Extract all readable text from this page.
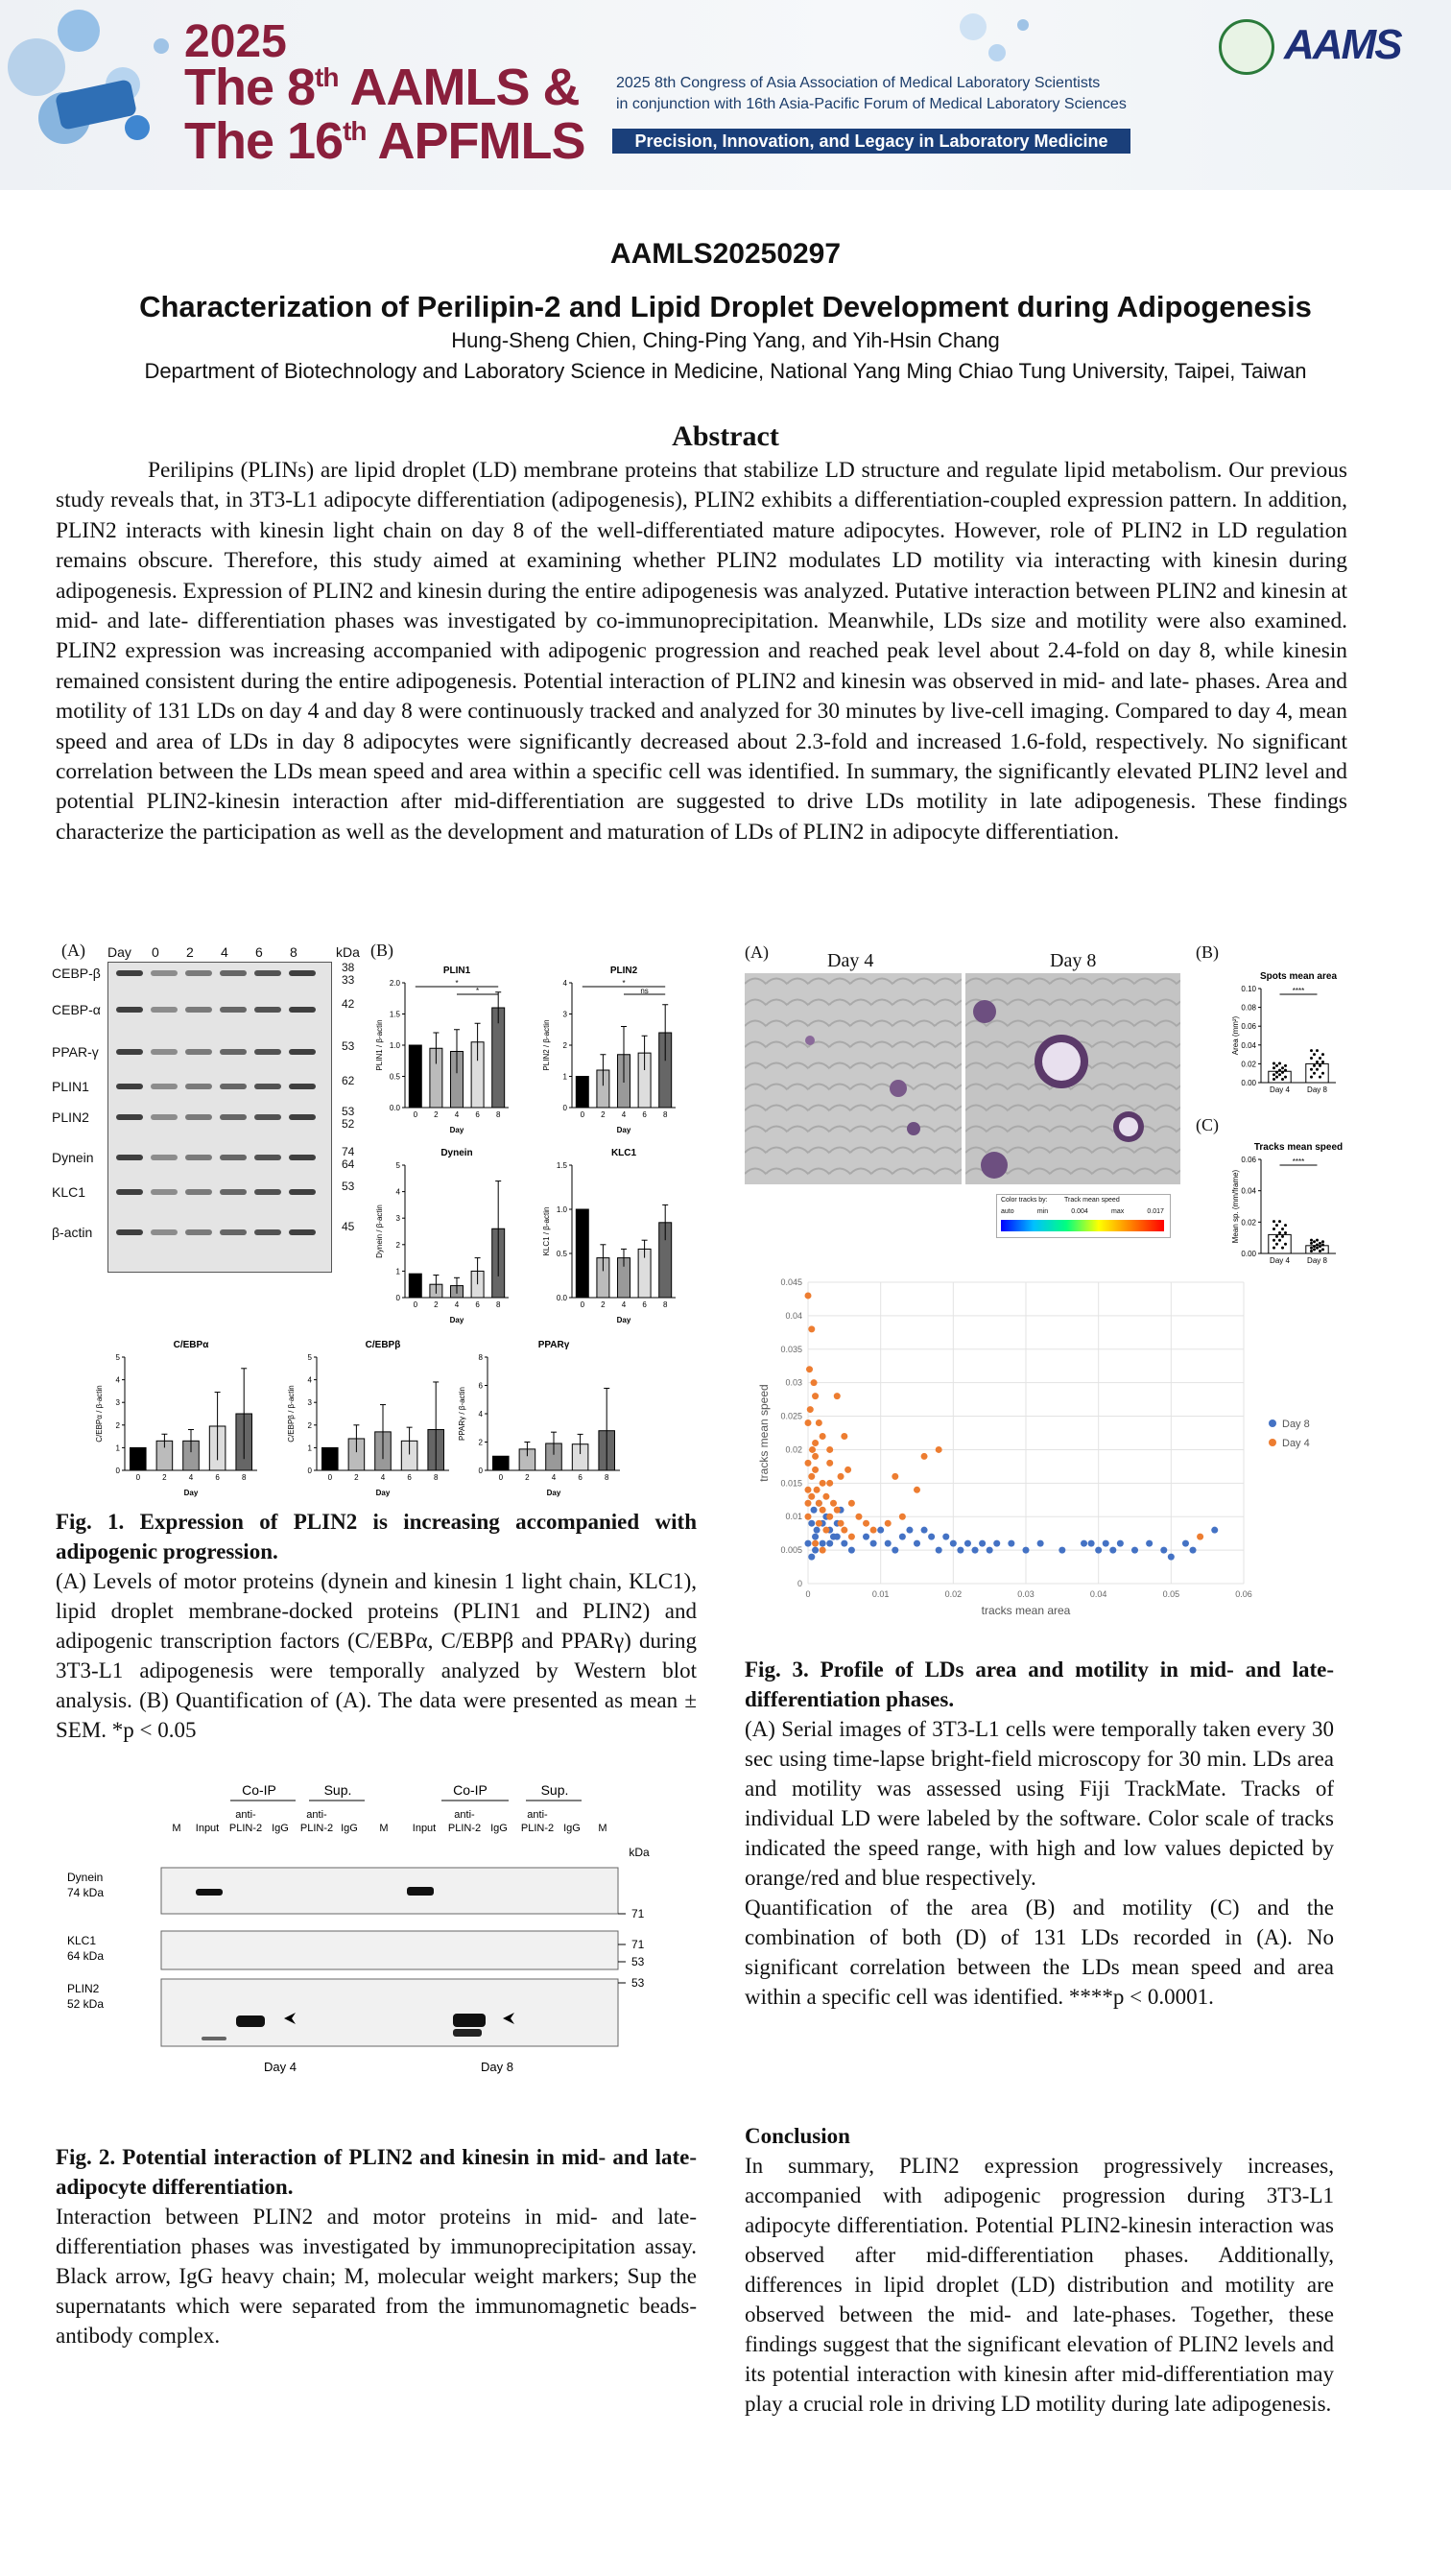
2025
The 8th AAMLS &
The 16th APFMLS
2025 8th Congress of Asia Association of Medical Laboratory Scientists
in conjunction with 16th Asia-Pacific Forum of Medical Laboratory Sciences
Precision, Innovation, and Legacy in Laboratory Medicine
AAMS
AAMLS20250297
Characterization of Perilipin-2 and Lipid Droplet Development during Adipogenesis
Hung-Sheng Chien, Ching-Ping Yang, and Yih-Hsin Chang
Department of Biotechnology and Laboratory Science in Medicine, National Yang Ming Chiao Tung University, Taipei, Taiwan
Abstract
Perilipins (PLINs) are lipid droplet (LD) membrane proteins that stabilize LD structure and regulate lipid metabolism. Our previous study reveals that, in 3T3-L1 adipocyte differentiation (adipogenesis), PLIN2 exhibits a differentiation-coupled expression pattern. In addition, PLIN2 interacts with kinesin light chain on day 8 of the well-differentiated mature adipocytes. However, role of PLIN2 in LD regulation remains obscure. Therefore, this study aimed at examining whether PLIN2 modulates LD motility via interacting with kinesin during adipogenesis. Expression of PLIN2 and kinesin during the entire adipogenesis was analyzed. Putative interaction between PLIN2 and kinesin at mid- and late- differentiation phases was investigated by co-immunoprecipitation. Meanwhile, LDs size and motility were also examined. PLIN2 expression was increasing accompanied with adipogenic progression and reached peak level about 2.4-fold on day 8, while kinesin remained consistent during the entire adipogenesis. Potential interaction of PLIN2 and kinesin was observed in mid- and late- phases. Area and motility of 131 LDs on day 4 and day 8 were continuously tracked and analyzed for 30 minutes by live-cell imaging. Compared to day 4, mean speed and area of LDs in day 8 adipocytes were significantly decreased about 2.3-fold and increased 1.6-fold, respectively. No significant correlation between the LDs mean speed and area within a specific cell was identified. In summary, the significantly elevated PLIN2 level and potential PLIN2-kinesin interaction after mid-differentiation are suggested to drive LDs motility in late adipogenesis. These findings characterize the participation as well as the development and maturation of LDs of PLIN2 in adipocyte differentiation.
(A)	(B)
Day	kDa
0 2 4 6 8
CEBP-β	38
33
CEBP-α	42
PPAR-γ	53
PLIN1	62
PLIN2	53
52
Dynein	74
64
KLC1	53
β-actin	45
PLIN1
0.0
0.5
1.0
1.5
2.0
PLIN1 / β-actin
0 2 4 6 8
Day
*
*
PLIN2
0
1
2
3
4
PLIN2 / β-actin
0 2 4 6 8
Day
*
ns
Dynein
0
1
2
3
4
5
Dynein / β-actin
0 2 4 6 8
Day
KLC1
0.0
0.5
1.0
1.5
KLC1 / β-actin
0 2 4 6 8
Day
C/EBPα
0
1
2
3
4
5
C/EBPα / β-actin
0	2	4	6	8
Day
C/EBPβ
0
1
2
3
4
5
C/EBPβ / β-actin
0	2	4	6	8
Day
PPARγ
0
2
4
6
8
PPARγ / β-actin
0	2	4	6	8
Day
Fig. 1. Expression of PLIN2 is increasing accompanied with adipogenic progression.
(A) Levels of motor proteins (dynein and kinesin 1 light chain, KLC1), lipid droplet membrane-docked proteins (PLIN1 and PLIN2) and adipogenic transcription factors (C/EBPα, C/EBPβ and PPARγ) during 3T3-L1 adipogenesis were temporally analyzed by Western blot analysis. (B) Quantification of (A). The data were presented as mean ± SEM. *p < 0.05
Co-IP	Sup.	Co-IP	Sup.
M Input
anti-
PLIN-2 IgG
anti-
PLIN-2 IgG M Input
anti-
PLIN-2 IgG
anti-
PLIN-2 IgG M
kDa
Dynein
74 kDa
KLC1
64 kDa
PLIN2
52 kDa
71
71
53
53
Day 4	Day 8
Fig. 2. Potential interaction of PLIN2 and kinesin in mid- and late- adipocyte differentiation.
Interaction between PLIN2 and motor proteins in mid- and late-differentiation phases was investigated by immunoprecipitation assay. Black arrow, IgG heavy chain; M, molecular weight markers; Sup the supernatants which were separated from the immunomagnetic beads-antibody complex.
(A)	Day 4	Day 8
Color tracks by: Track mean speed
auto	min	0.004	max	0.017
(B)
(C)
Spots mean area
0.00
0.02
0.04
0.06
0.08
0.10
Area (mm²)
Day 4 Day 8
****
Tracks mean speed
0.00
0.02
0.04
0.06
Mean sp. (mm/frame)
Day 4 Day 8
****
0	0.01	0.02	0.03	0.04	0.05	0.06
0
0.005
0.01
0.015
0.02
0.025
0.03
0.035
0.04
0.045
tracks mean area
tracks mean speed	Day 8
Day 4
Fig. 3. Profile of LDs area and motility in mid- and late- differentiation phases.
(A) Serial images of 3T3-L1 cells were temporally taken every 30 sec using time-lapse bright-field microscopy for 30 min. LDs area and motility was assessed using Fiji TrackMate. Tracks of individual LD were labeled by the software. Color scale of tracks indicated the speed range, with high and low values depicted by orange/red and blue respectively.
Quantification of the area (B) and motility (C) and the combination of both (D) of 131 LDs recorded in (A). No significant correlation between the LDs mean speed and area within a specific cell was identified. ****p < 0.0001.
Conclusion
In summary, PLIN2 expression progressively increases, accompanied with adipogenic progression during 3T3-L1 adipocyte differentiation. Potential PLIN2-kinesin interaction was observed after mid-differentiation phases. Additionally, differences in lipid droplet (LD) distribution and motility are observed between the mid- and late-phases. Together, these findings suggest that the significant elevation of PLIN2 levels and its potential interaction with kinesin after mid-differentiation may play a crucial role in driving LD motility during late adipogenesis.
